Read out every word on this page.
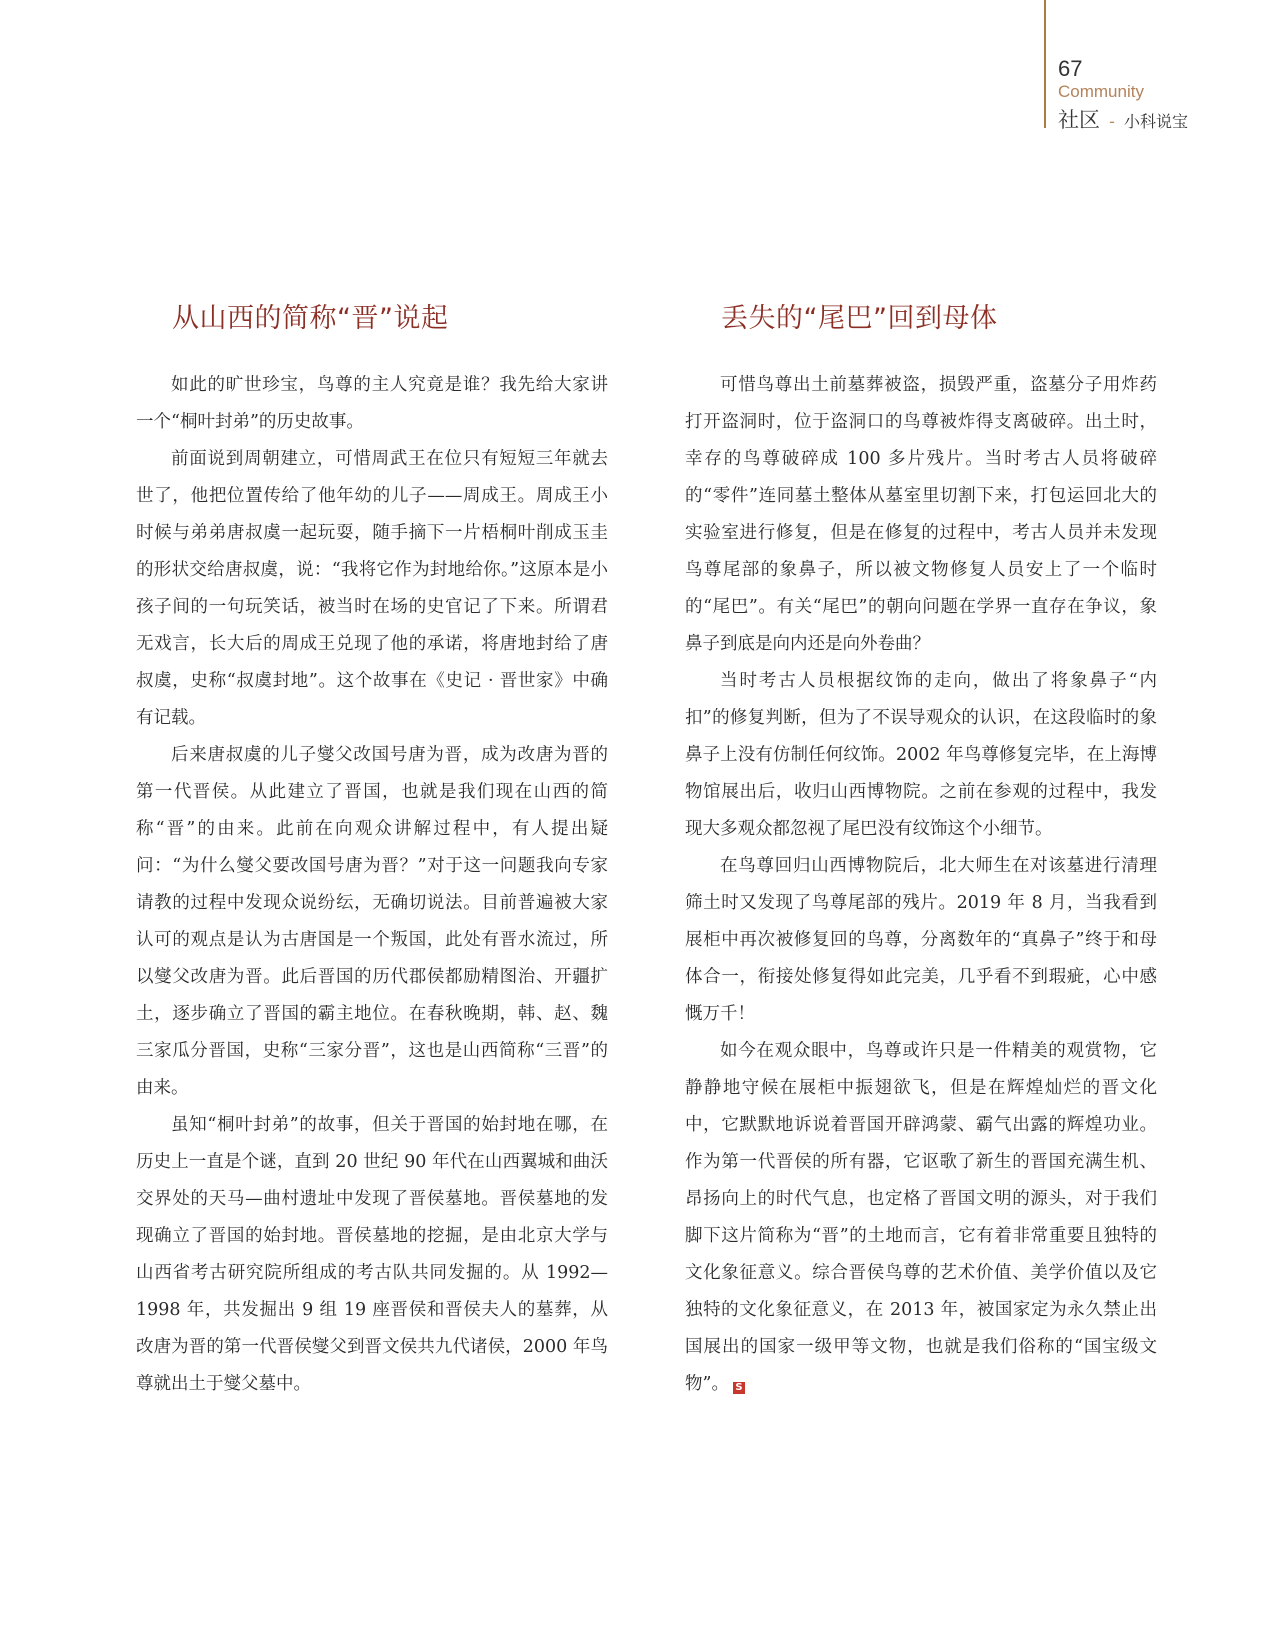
67
Community
社区 - 小科说宝
从山西的简称“晋”说起

如此的旷世珍宝，鸟尊的主人究竟是谁？我先给大家讲一个“桐叶封弟”的历史故事。

前面说到周朝建立，可惜周武王在位只有短短三年就去世了，他把位置传给了他年幼的儿子——周成王。周成王小时候与弟弟唐叔虞一起玩耍，随手摘下一片梧桐叶削成玉圭的形状交给唐叔虞，说：“我将它作为封地给你。”这原本是小孩子间的一句玩笑话，被当时在场的史官记了下来。所谓君无戏言，长大后的周成王兑现了他的承诺，将唐地封给了唐叔虞，史称“叔虞封地”。这个故事在《史记 · 晋世家》中确有记载。

后来唐叔虞的儿子燮父改国号唐为晋，成为改唐为晋的第一代晋侯。从此建立了晋国，也就是我们现在山西的简称“晋”的由来。此前在向观众讲解过程中，有人提出疑问：“为什么燮父要改国号唐为晋？”对于这一问题我向专家请教的过程中发现众说纷纭，无确切说法。目前普遍被大家认可的观点是认为古唐国是一个叛国，此处有晋水流过，所以燮父改唐为晋。此后晋国的历代郡侯都励精图治、开疆扩土，逐步确立了晋国的霸主地位。在春秋晚期，韩、赵、魏三家瓜分晋国，史称“三家分晋”，这也是山西简称“三晋”的由来。

虽知“桐叶封弟”的故事，但关于晋国的始封地在哪，在历史上一直是个谜，直到 20 世纪 90 年代在山西翼城和曲沃交界处的天马—曲村遗址中发现了晋侯墓地。晋侯墓地的发现确立了晋国的始封地。晋侯墓地的挖掘，是由北京大学与山西省考古研究院所组成的考古队共同发掘的。从 1992—1998 年，共发掘出 9 组 19 座晋侯和晋侯夫人的墓葬，从改唐为晋的第一代晋侯燮父到晋文侯共九代诸侯，2000 年鸟尊就出土于燮父墓中。

丢失的“尾巴”回到母体

可惜鸟尊出土前墓葬被盗，损毁严重，盗墓分子用炸药打开盗洞时，位于盗洞口的鸟尊被炸得支离破碎。出土时，幸存的鸟尊破碎成 100 多片残片。当时考古人员将破碎的“零件”连同墓土整体从墓室里切割下来，打包运回北大的实验室进行修复，但是在修复的过程中，考古人员并未发现鸟尊尾部的象鼻子，所以被文物修复人员安上了一个临时的“尾巴”。有关“尾巴”的朝向问题在学界一直存在争议，象鼻子到底是向内还是向外卷曲？

当时考古人员根据纹饰的走向，做出了将象鼻子“内扣”的修复判断，但为了不误导观众的认识，在这段临时的象鼻子上没有仿制任何纹饰。2002 年鸟尊修复完毕，在上海博物馆展出后，收归山西博物院。之前在参观的过程中，我发现大多观众都忽视了尾巴没有纹饰这个小细节。

在鸟尊回归山西博物院后，北大师生在对该墓进行清理筛土时又发现了鸟尊尾部的残片。2019 年 8 月，当我看到展柜中再次被修复回的鸟尊，分离数年的“真鼻子”终于和母体合一，衔接处修复得如此完美，几乎看不到瑕疵，心中感慨万千！

如今在观众眼中，鸟尊或许只是一件精美的观赏物，它静静地守候在展柜中振翅欲飞，但是在辉煌灿烂的晋文化中，它默默地诉说着晋国开辟鸿蒙、霸气出露的辉煌功业。作为第一代晋侯的所有器，它讴歌了新生的晋国充满生机、昂扬向上的时代气息，也定格了晋国文明的源头，对于我们脚下这片简称为“晋”的土地而言，它有着非常重要且独特的文化象征意义。综合晋侯鸟尊的艺术价值、美学价值以及它独特的文化象征意义，在 2013 年，被国家定为永久禁止出国展出的国家一级甲等文物，也就是我们俗称的“国宝级文物”。 S
